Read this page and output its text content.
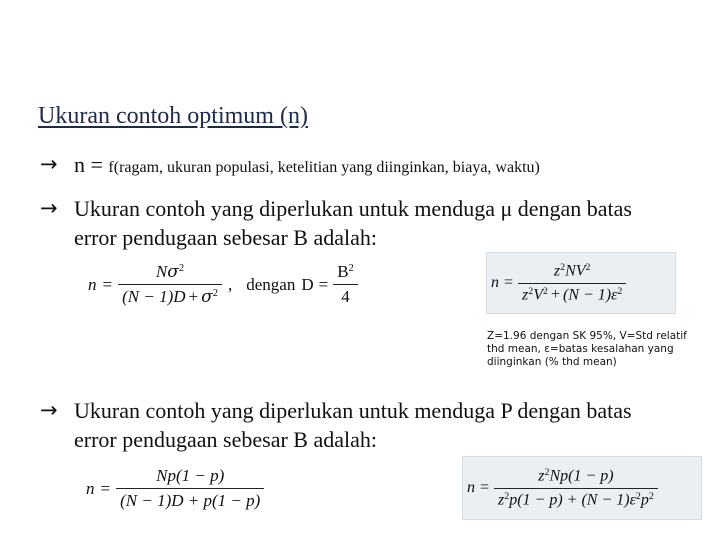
Ukuran contoh optimum (n)
→ n = f(ragam, ukuran populasi, ketelitian yang diinginkan, biaya, waktu)
→ Ukuran contoh yang diperlukan untuk menduga μ dengan batas
error pendugaan sebesar B adalah:
$n = \frac{N\sigma^2}{(N - 1)D + \sigma^2}$ , dengan $D = \frac{B^2}{4}$	$n = \frac{z^2NV^2}{z^2V^2 + (N - 1)\varepsilon^2}$
Z=1.96 dengan SK 95%, V=Std relatif thd mean, ε=batas kesalahan yang diinginkan (% thd mean)
→ Ukuran contoh yang diperlukan untuk menduga P dengan batas
error pendugaan sebesar B adalah:
$n = \frac{Np(1 - p)}{(N - 1)D + p(1 - p)}$	$n = \frac{z^2Np(1 - p)}{z^2p(1 - p) + (N - 1)\varepsilon^2p^2}$
